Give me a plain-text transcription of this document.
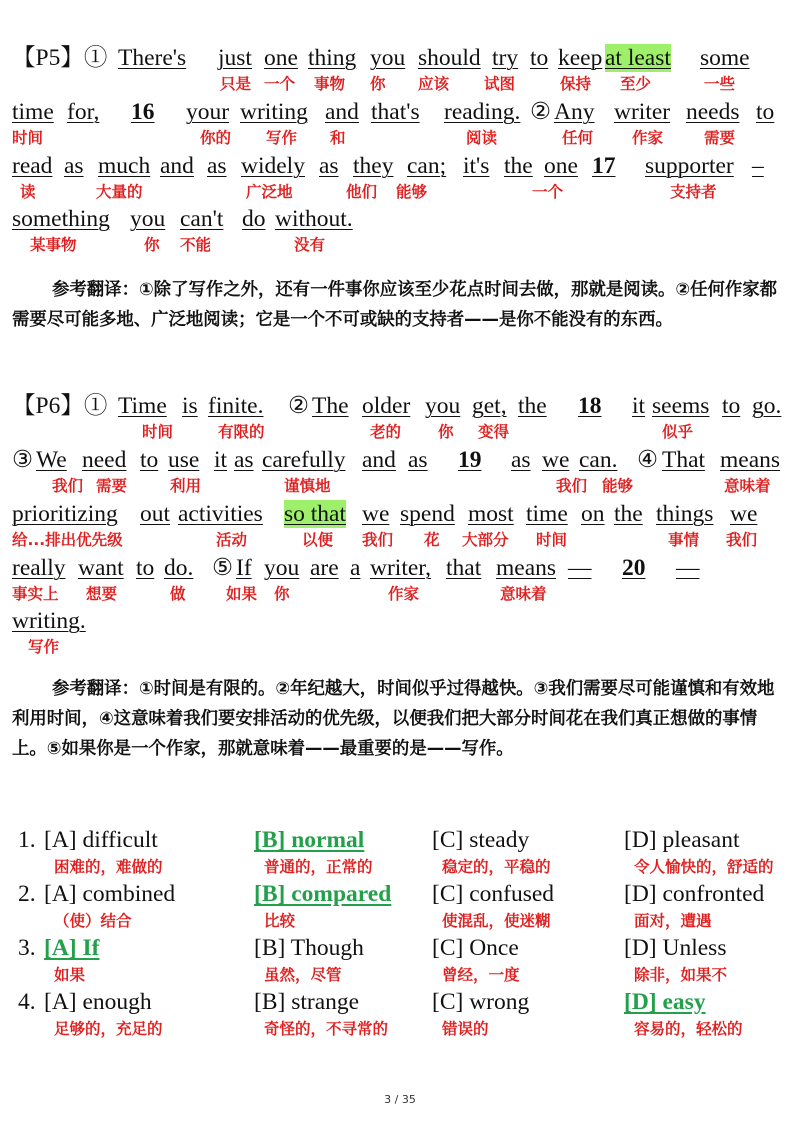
【P5】① There's just one thing you should try to keep at least some
只是 一个 事物 你 应该 试图	保持 至少	一些
time for, 16 your writing and that's reading. ② Any writer needs to
时间	你的 写作 和	阅读	任何	作家	需要
read as much and as widely as they can; it's the one 17 supporter –
读	大量的	广泛地	他们 能够	一个	支持者
something you can't do without.
某事物	你 不能	没有
参考翻译：①除了写作之外，还有一件事你应该至少花点时间去做，那就是阅读。②任何作家都需要尽可能多地、广泛地阅读；它是一个不可或缺的支持者——是你不能没有的东西。
【P6】① Time is finite. ② The older you get, the 18 it seems to go.
时间	有限的	老的 你 变得	似乎
③ We need to use it as carefully and as 19 as we can. ④ That means
我们 需要	利用	谨慎地	我们 能够	意味着
prioritizing out activities so that we spend most time on the things we
给...排出优先级	活动	以便 我们 花 大部分 时间	事情 我们
really want to do. ⑤ If you are a writer, that means — 20 —
事实上 想要	做	如果 你	作家	意味着
writing.
写作
参考翻译：①时间是有限的。②年纪越大，时间似乎过得越快。③我们需要尽可能谨慎和有效地利用时间，④这意味着我们要安排活动的优先级，以便我们把大部分时间花在我们真正想做的事情上。⑤如果你是一个作家，那就意味着——最重要的是——写作。
1. [A] difficult
困难的，难做的
[B] normal
普通的，正常的
[C] steady
稳定的，平稳的
[D] pleasant
令人愉快的，舒适的
2. [A] combined
（使）结合
[B] compared
比较
[C] confused
使混乱，使迷糊
[D] confronted
面对，遭遇
3. [A] If
如果
[B] Though
虽然，尽管
[C] Once
曾经，一度
[D] Unless
除非，如果不
4. [A] enough
足够的，充足的
[B] strange
奇怪的，不寻常的
[C] wrong
错误的
[D] easy
容易的，轻松的
3 / 35
